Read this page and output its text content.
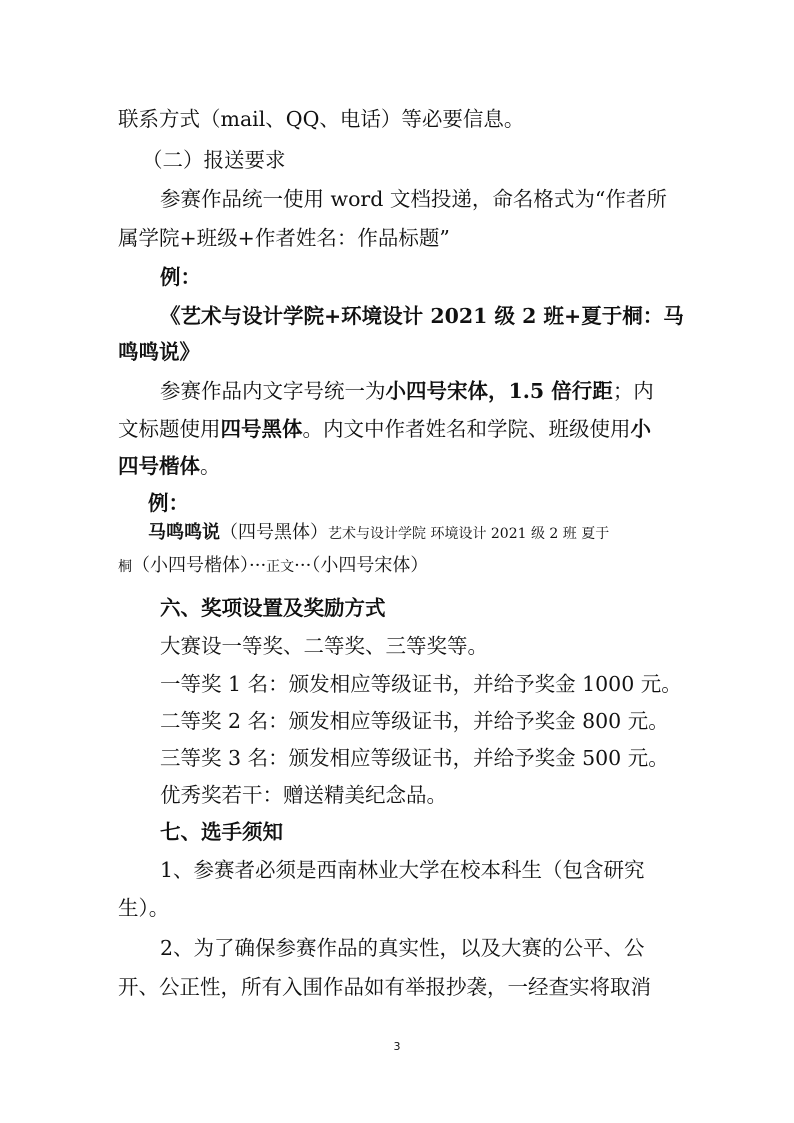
联系方式（mail、QQ、电话）等必要信息。
（二）报送要求
参赛作品统一使用 word 文档投递，命名格式为“作者所
属学院+班级+作者姓名：作品标题”
例：
《艺术与设计学院+环境设计 2021 级 2 班+夏于桐：马
鸣鸣说》
参赛作品内文字号统一为小四号宋体，1.5 倍行距；内
文标题使用四号黑体。内文中作者姓名和学院、班级使用小
四号楷体。
例：
马鸣鸣说（四号黑体）艺术与设计学院 环境设计 2021 级 2 班 夏于
桐（小四号楷体）···正文···（小四号宋体）
六、奖项设置及奖励方式
大赛设一等奖、二等奖、三等奖等。
一等奖 1 名：颁发相应等级证书，并给予奖金 1000 元。
二等奖 2 名：颁发相应等级证书，并给予奖金 800 元。
三等奖 3 名：颁发相应等级证书，并给予奖金 500 元。
优秀奖若干：赠送精美纪念品。
七、选手须知
1、参赛者必须是西南林业大学在校本科生（包含研究
生）。
2、为了确保参赛作品的真实性，以及大赛的公平、公
开、公正性，所有入围作品如有举报抄袭，一经查实将取消
3
